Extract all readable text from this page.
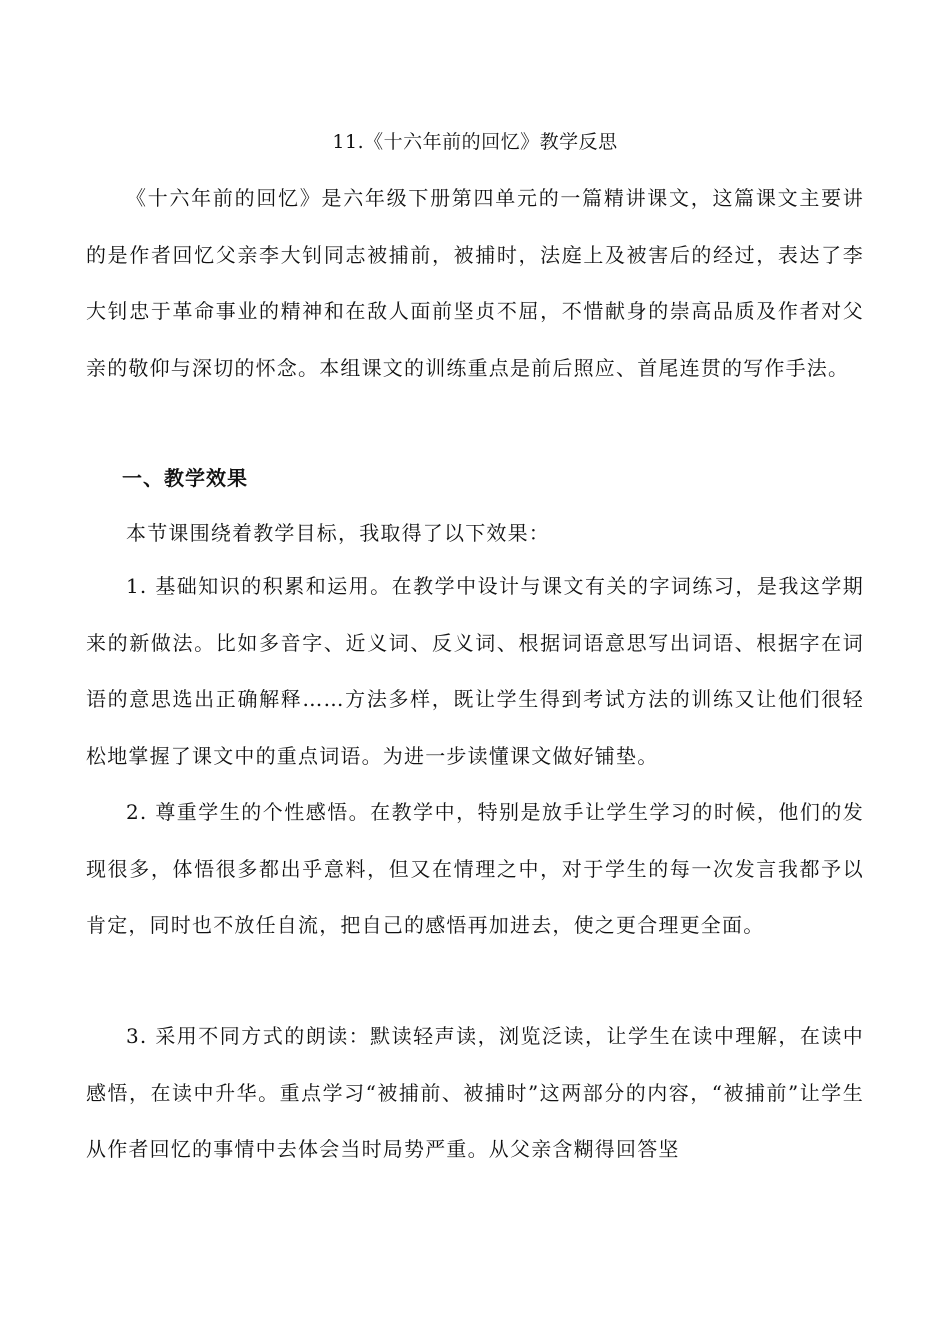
11.《十六年前的回忆》教学反思
《十六年前的回忆》是六年级下册第四单元的一篇精讲课文，这篇课文主要讲的是作者回忆父亲李大钊同志被捕前，被捕时，法庭上及被害后的经过，表达了李大钊忠于革命事业的精神和在敌人面前坚贞不屈，不惜献身的崇高品质及作者对父亲的敬仰与深切的怀念。本组课文的训练重点是前后照应、首尾连贯的写作手法。
一、教学效果
本节课围绕着教学目标，我取得了以下效果：
1. 基础知识的积累和运用。在教学中设计与课文有关的字词练习，是我这学期来的新做法。比如多音字、近义词、反义词、根据词语意思写出词语、根据字在词语的意思选出正确解释……方法多样，既让学生得到考试方法的训练又让他们很轻松地掌握了课文中的重点词语。为进一步读懂课文做好铺垫。
2. 尊重学生的个性感悟。在教学中，特别是放手让学生学习的时候，他们的发现很多，体悟很多都出乎意料，但又在情理之中，对于学生的每一次发言我都予以肯定，同时也不放任自流，把自己的感悟再加进去，使之更合理更全面。
3. 采用不同方式的朗读：默读轻声读，浏览泛读，让学生在读中理解，在读中感悟，在读中升华。重点学习“被捕前、被捕时”这两部分的内容，“被捕前”让学生从作者回忆的事情中去体会当时局势严重。从父亲含糊得回答坚
